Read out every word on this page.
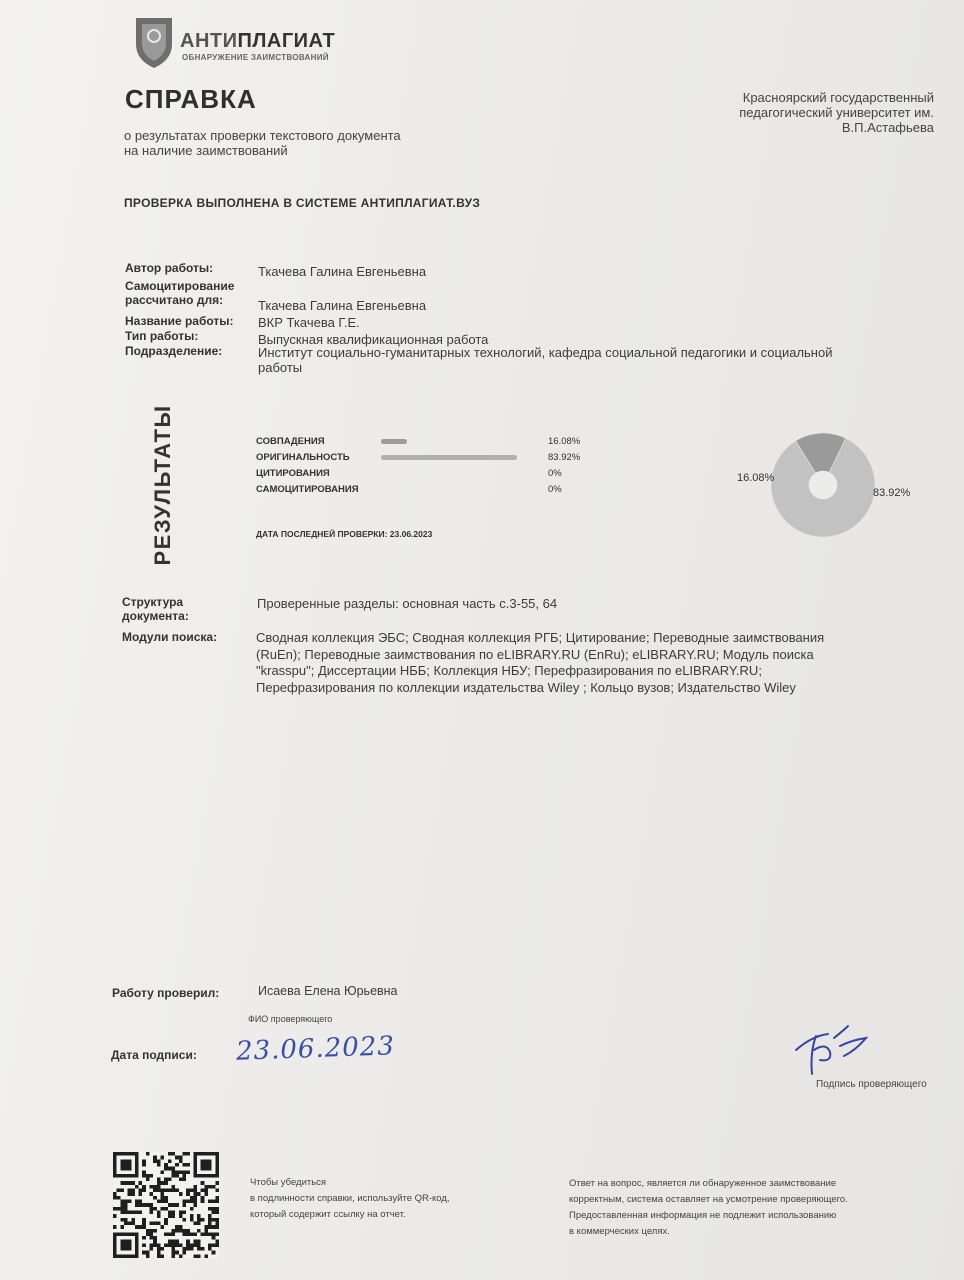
АНТИПЛАГИАТ
ОБНАРУЖЕНИЕ ЗАИМСТВОВАНИЙ
СПРАВКА
о результатах проверки текстового документа
на наличие заимствований
Красноярский государственный
педагогический университет им.
В.П.Астафьева
ПРОВЕРКА ВЫПОЛНЕНА В СИСТЕМЕ АНТИПЛАГИАТ.ВУЗ
Автор работы:	Ткачева Галина Евгеньевна
Самоцитирование
рассчитано для:	Ткачева Галина Евгеньевна
Название работы: ВКР Ткачева Г.Е.
Тип работы:	Выпускная квалификационная работа
Подразделение:	Институт социально-гуманитарных технологий, кафедра социальной педагогики и социальной
работы
РЕЗУЛЬТАТЫ	СОВПАДЕНИЯ	16.08%
ОРИГИНАЛЬНОСТЬ	83.92%
ЦИТИРОВАНИЯ	0%
САМОЦИТИРОВАНИЯ	0%
ДАТА ПОСЛЕДНЕЙ ПРОВЕРКИ: 23.06.2023
16.08%
83.92%
Структура
документа:
Проверенные разделы: основная часть с.3-55, 64
Модули поиска:	Сводная коллекция ЭБС; Сводная коллекция РГБ; Цитирование; Переводные заимствования
(RuEn); Переводные заимствования по eLIBRARY.RU (EnRu); eLIBRARY.RU; Модуль поиска
"krasspu"; Диссертации НББ; Коллекция НБУ; Перефразирования по eLIBRARY.RU;
Перефразирования по коллекции издательства Wiley ; Кольцо вузов; Издательство Wiley
Работу проверил:	Исаева Елена Юрьевна
ФИО проверяющего
Дата подписи: 23.06.2023
Подпись проверяющего
Чтобы убедиться
в подлинности справки, используйте QR-код,
который содержит ссылку на отчет.
Ответ на вопрос, является ли обнаруженное заимствование
корректным, система оставляет на усмотрение проверяющего.
Предоставленная информация не подлежит использованию
в коммерческих целях.
